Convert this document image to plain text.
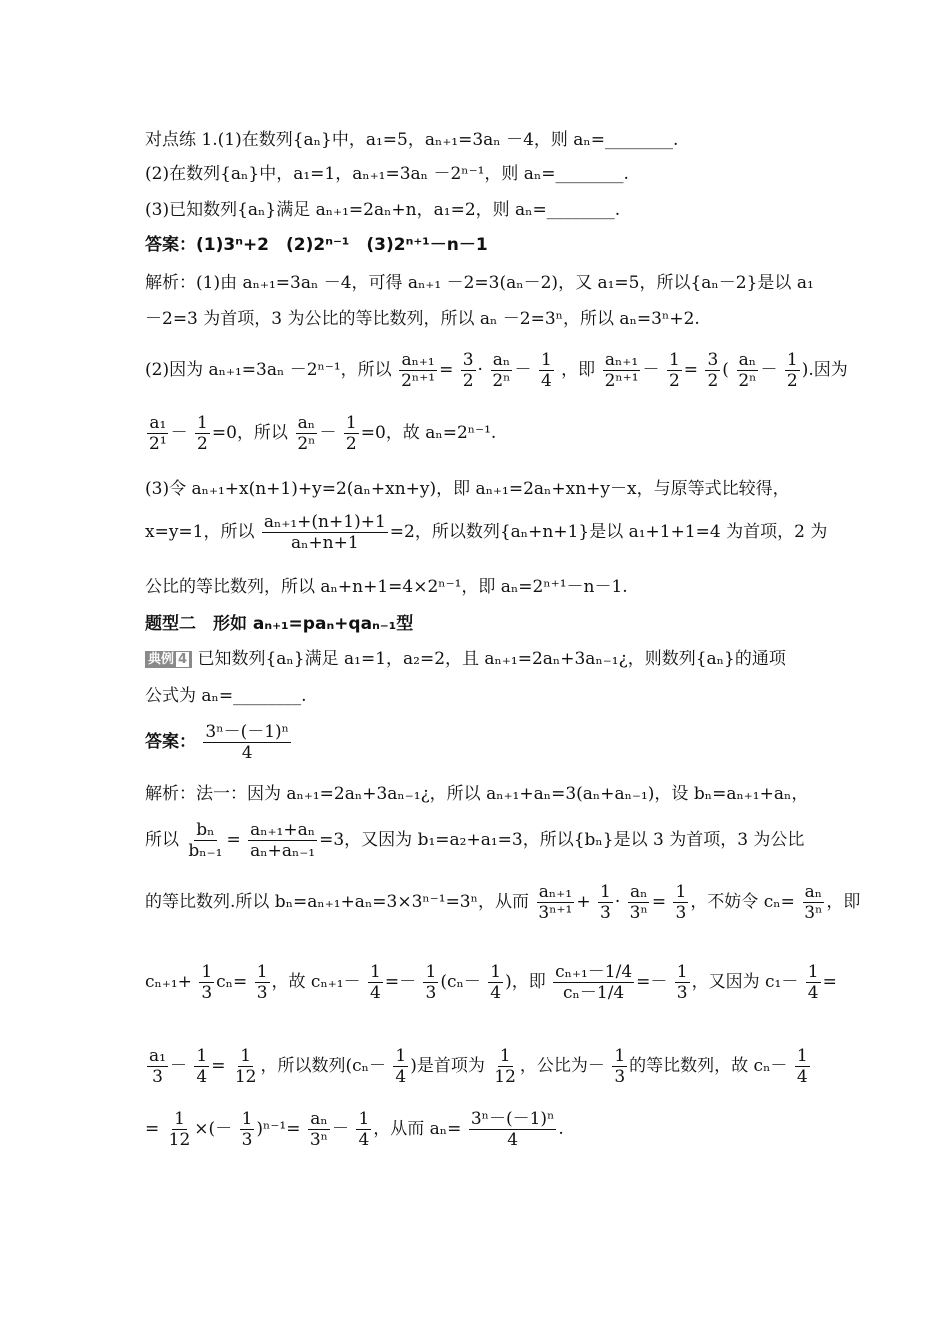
对点练 1.(1)在数列{aₙ}中，a₁=5，aₙ₊₁=3aₙ －4，则 aₙ=________.
(2)在数列{aₙ}中，a₁=1，aₙ₊₁=3aₙ －2ⁿ⁻¹，则 aₙ=________.
(3)已知数列{aₙ}满足 aₙ₊₁=2aₙ+n，a₁=2，则 aₙ=________.
答案：(1)3ⁿ+2　(2)2ⁿ⁻¹　(3)2ⁿ⁺¹－n－1
解析：(1)由 aₙ₊₁=3aₙ －4，可得 aₙ₊₁ －2=3(aₙ－2)，又 a₁=5，所以{aₙ－2}是以 a₁
－2=3 为首项，3 为公比的等比数列，所以 aₙ －2=3ⁿ，所以 aₙ=3ⁿ+2.
(2)因为 aₙ₊₁=3aₙ －2ⁿ⁻¹，所以 $\frac{\text{aₙ₊₁}}{\text{2ⁿ⁺¹}} = \frac{3}{2} \cdot \frac{\text{aₙ}}{\text{2ⁿ}} - \frac{1}{4}$ ，即 $\frac{\text{aₙ₊₁}}{\text{2ⁿ⁺¹}} - \frac{1}{2} = \frac{3}{2}$ ( $\frac{\text{aₙ}}{\text{2ⁿ}} - \frac{1}{2}$ ).因为
$\frac{\text{a₁}}{\text{2¹}} - \frac{1}{2} =0$，所以 $\frac{\text{aₙ}}{\text{2ⁿ}} - \frac{1}{2} =0$，故 aₙ=2ⁿ⁻¹.
(3)令 aₙ₊₁+x(n+1)+y=2(aₙ+xn+y)，即 aₙ₊₁=2aₙ+xn+y－x，与原等式比较得，
x=y=1，所以 $\frac{\text{aₙ₊₁+(n+1)+1}}{\text{aₙ+n+1}} =2$，所以数列{aₙ+n+1}是以 a₁+1+1=4 为首项，2 为
公比的等比数列，所以 aₙ+n+1=4×2ⁿ⁻¹，即 aₙ=2ⁿ⁺¹－n－1.
题型二　形如 aₙ₊₁=paₙ+qaₙ₋₁型
典例 4 已知数列{aₙ}满足 a₁=1，a₂=2，且 aₙ₊₁=2aₙ+3aₙ₋₁¿，则数列{aₙ}的通项
公式为 aₙ=________.
答案： $\frac{\text{3ⁿ－(－1)ⁿ}}{4}$
解析：法一：因为 aₙ₊₁=2aₙ+3aₙ₋₁¿，所以 aₙ₊₁+aₙ=3(aₙ+aₙ₋₁)，设 bₙ=aₙ₊₁+aₙ，
所以 $\frac{\text{bₙ}}{\text{bₙ₋₁}} = \frac{\text{aₙ₊₁+aₙ}}{\text{aₙ+aₙ₋₁}} =3$，又因为 b₁=a₂+a₁=3，所以{bₙ}是以 3 为首项，3 为公比
的等比数列.所以 bₙ=aₙ₊₁+aₙ=3×3ⁿ⁻¹=3ⁿ，从而 $\frac{\text{aₙ₊₁}}{\text{3ⁿ⁺¹}} + \frac{1}{3} \cdot \frac{\text{aₙ}}{\text{3ⁿ}} = \frac{1}{3}$ ，不妨令 $c_n= \frac{\text{aₙ}}{\text{3ⁿ}}$ ，即
$c_{n+1}+ \frac{1}{3} c_n= \frac{1}{3}$ ，故 $c_{n+1}- \frac{1}{4} =- \frac{1}{3} (c_n- \frac{1}{4}$ )，即 $\frac{\text{cₙ₊₁－1/4}}{\text{cₙ－1/4}} =- \frac{1}{3}$ ，又因为 $c_1- \frac{1}{4}$ =
$\frac{\text{a₁}}{3} - \frac{1}{4} = \frac{1}{12}$ ，所以数列($c_n- \frac{1}{4}$ )是首项为 $\frac{1}{12}$ ，公比为－ $\frac{1}{3}$ 的等比数列，故 $c_n- \frac{1}{4}$
= $\frac{1}{12}$ ×(－ $\frac{1}{3} )^{n-1}= \frac{\text{aₙ}}{\text{3ⁿ}} - \frac{1}{4}$ ，从而 $a_n= \frac{\text{3ⁿ－(－1)ⁿ}}{4}$ .
